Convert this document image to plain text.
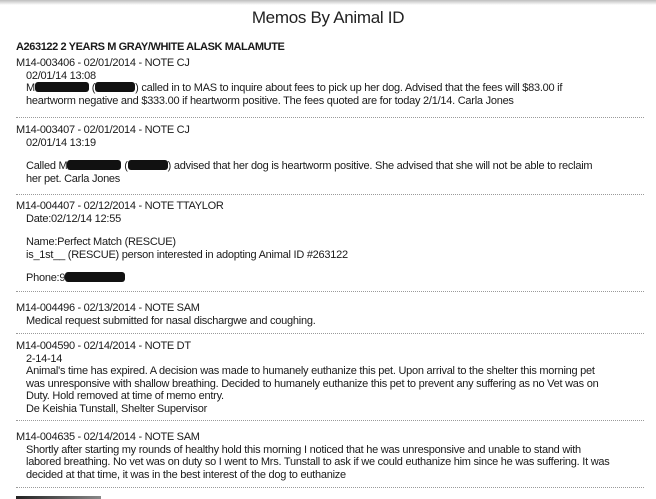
Memos By Animal ID
A263122 2 YEARS M GRAY/WHITE ALASK MALAMUTE
M14-003406 - 02/01/2014 - NOTE CJ

02/01/14 13:08

M	(	) called in to MAS to inquire about fees to pick up her dog. Advised that the fees will $83.00 if

heartworm negative and $333.00 if heartworm positive. The fees quoted are for today 2/1/14. Carla Jones

M14-003407 - 02/01/2014 - NOTE CJ

02/01/14 13:19

Called M	(	) advised that her dog is heartworm positive. She advised that she will not be able to reclaim

her pet. Carla Jones

M14-004407 - 02/12/2014 - NOTE TTAYLOR

Date:02/12/14 12:55

Name:Perfect Match (RESCUE)

is_1st__ (RESCUE) person interested in adopting Animal ID #263122

Phone:9

M14-004496 - 02/13/2014 - NOTE SAM

Medical request submitted for nasal dischargwe and coughing.

M14-004590 - 02/14/2014 - NOTE DT

2-14-14

Animal's time has expired. A decision was made to humanely euthanize this pet. Upon arrival to the shelter this morning pet

was unresponsive with shallow breathing. Decided to humanely euthanize this pet to prevent any suffering as no Vet was on

Duty. Hold removed at time of memo entry.

De Keishia Tunstall, Shelter Supervisor

M14-004635 - 02/14/2014 - NOTE SAM

Shortly after starting my rounds of healthy hold this morning I noticed that he was unresponsive and unable to stand with

labored breathing. No vet was on duty so I went to Mrs. Tunstall to ask if we could euthanize him since he was suffering. It was

decided at that time, it was in the best interest of the dog to euthanize
